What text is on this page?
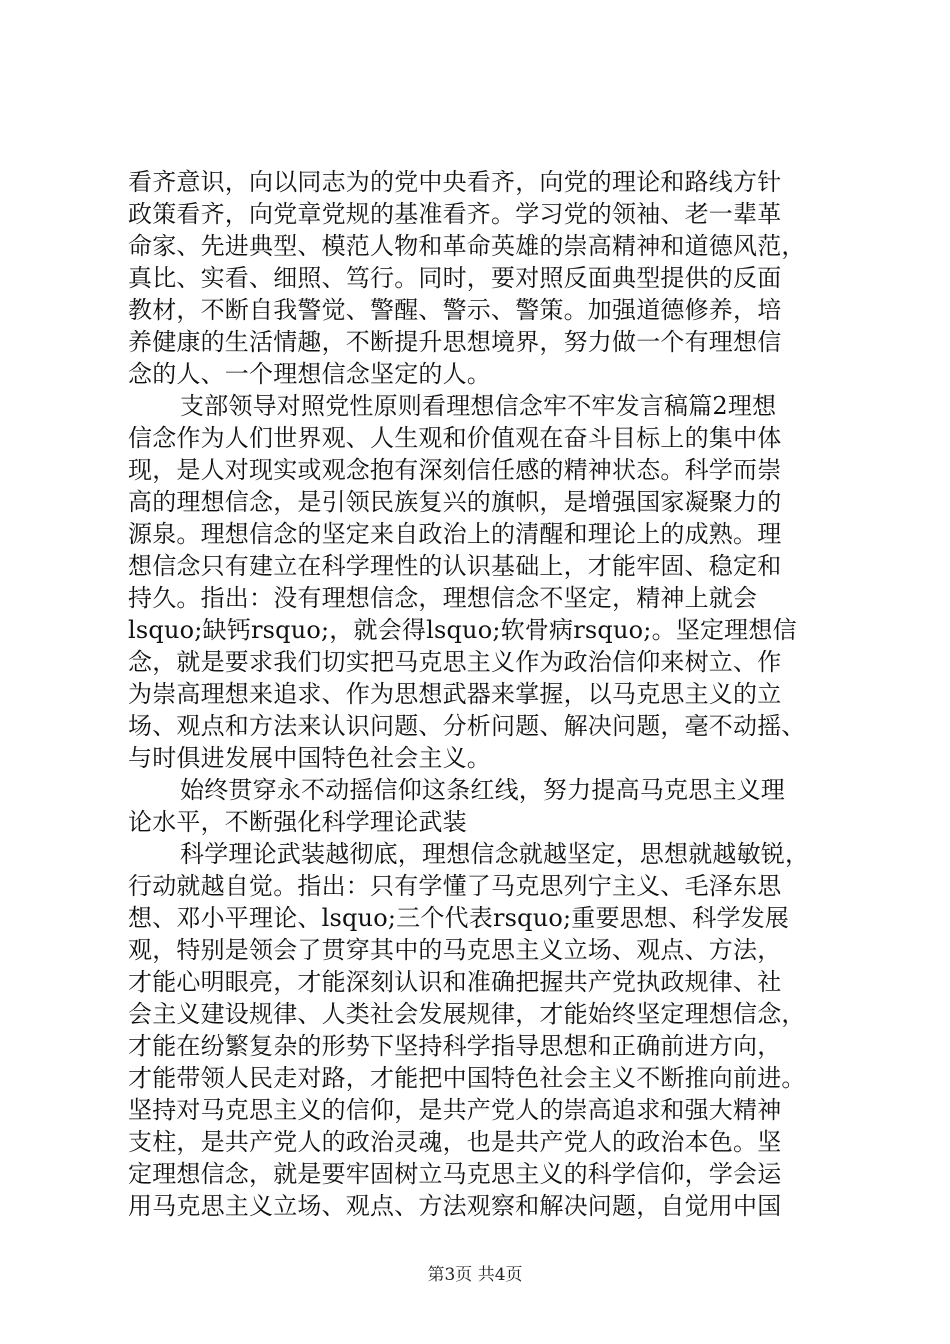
看齐意识，向以同志为的党中央看齐，向党的理论和路线方针
政策看齐，向党章党规的基准看齐。学习党的领袖、老一辈革
命家、先进典型、模范人物和革命英雄的崇高精神和道德风范，
真比、实看、细照、笃行。同时，要对照反面典型提供的反面
教材，不断自我警觉、警醒、警示、警策。加强道德修养，培
养健康的生活情趣，不断提升思想境界，努力做一个有理想信
念的人、一个理想信念坚定的人。
支部领导对照党性原则看理想信念牢不牢发言稿篇2理想
信念作为人们世界观、人生观和价值观在奋斗目标上的集中体
现，是人对现实或观念抱有深刻信任感的精神状态。科学而崇
高的理想信念，是引领民族复兴的旗帜，是增强国家凝聚力的
源泉。理想信念的坚定来自政治上的清醒和理论上的成熟。理
想信念只有建立在科学理性的认识基础上，才能牢固、稳定和
持久。指出：没有理想信念，理想信念不坚定，精神上就会
lsquo;缺钙rsquo;，就会得lsquo;软骨病rsquo;。坚定理想信
念，就是要求我们切实把马克思主义作为政治信仰来树立、作
为崇高理想来追求、作为思想武器来掌握，以马克思主义的立
场、观点和方法来认识问题、分析问题、解决问题，毫不动摇、
与时俱进发展中国特色社会主义。
始终贯穿永不动摇信仰这条红线，努力提高马克思主义理
论水平，不断强化科学理论武装
科学理论武装越彻底，理想信念就越坚定，思想就越敏锐，
行动就越自觉。指出：只有学懂了马克思列宁主义、毛泽东思
想、邓小平理论、lsquo;三个代表rsquo;重要思想、科学发展
观，特别是领会了贯穿其中的马克思主义立场、观点、方法，
才能心明眼亮，才能深刻认识和准确把握共产党执政规律、社
会主义建设规律、人类社会发展规律，才能始终坚定理想信念，
才能在纷繁复杂的形势下坚持科学指导思想和正确前进方向，
才能带领人民走对路，才能把中国特色社会主义不断推向前进。
坚持对马克思主义的信仰，是共产党人的崇高追求和强大精神
支柱，是共产党人的政治灵魂，也是共产党人的政治本色。坚
定理想信念，就是要牢固树立马克思主义的科学信仰，学会运
用马克思主义立场、观点、方法观察和解决问题，自觉用中国
第3页 共4页
